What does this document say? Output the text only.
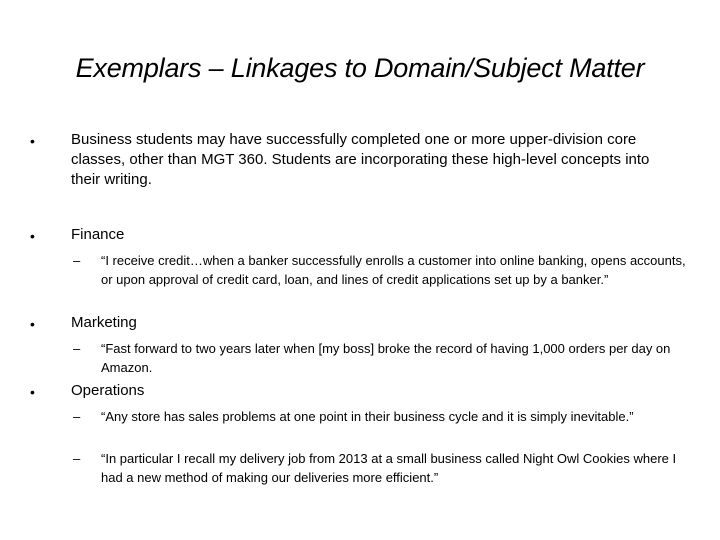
Exemplars – Linkages to Domain/Subject Matter
• Business students may have successfully completed one or more upper-division core classes, other than MGT 360. Students are incorporating these high-level concepts into their writing.
• Finance
– “I receive credit…when a banker successfully enrolls a customer into online banking, opens accounts, or upon approval of credit card, loan, and lines of credit applications set up by a banker.”
• Marketing
– “Fast forward to two years later when [my boss] broke the record of having 1,000 orders per day on Amazon.
• Operations
– “Any store has sales problems at one point in their business cycle and it is simply inevitable.”
– “In particular I recall my delivery job from 2013 at a small business called Night Owl Cookies where I had a new method of making our deliveries more efficient.”
